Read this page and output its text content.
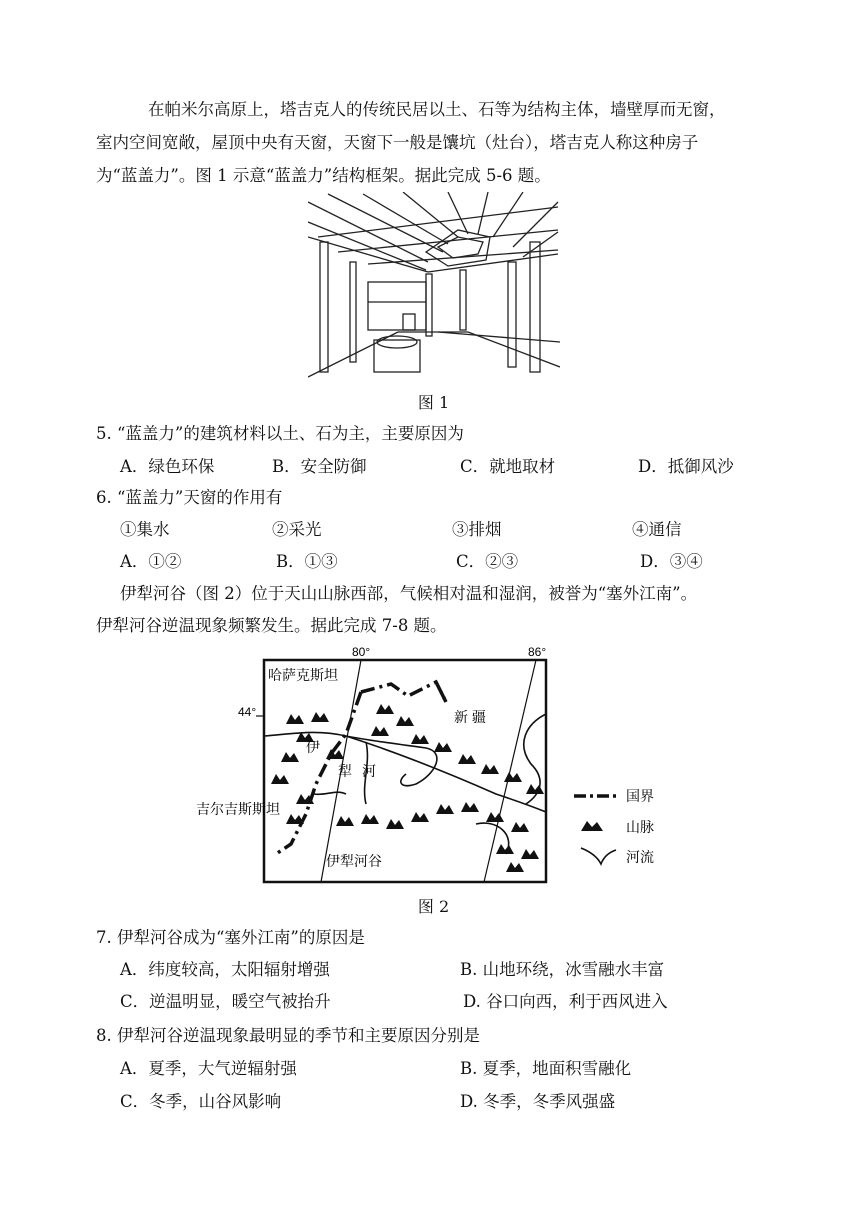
在帕米尔高原上，塔吉克人的传统民居以土、石等为结构主体，墙壁厚而无窗，
室内空间宽敞，屋顶中央有天窗，天窗下一般是馕坑（灶台），塔吉克人称这种房子
为“蓝盖力”。图 1 示意“蓝盖力”结构框架。据此完成 5-6 题。
图 1
5. “蓝盖力”的建筑材料以土、石为主，主要原因为
A．绿色环保	B．安全防御	C．就地取材	D．抵御风沙
6. “蓝盖力”天窗的作用有
①集水	②采光	③排烟	④通信
A．①②	B．①③	C．②③	D．③④
伊犁河谷（图 2）位于天山山脉西部，气候相对温和湿润，被誉为“塞外江南”。
伊犁河谷逆温现象频繁发生。据此完成 7-8 题。
44°
80°	86°
哈萨克斯坦
新 疆
吉尔吉斯斯坦
伊犁河谷
伊
犁 河
国界
山脉
河流
图 2
7. 伊犁河谷成为“塞外江南”的原因是
A．纬度较高，太阳辐射增强	B. 山地环绕，冰雪融水丰富
C．逆温明显，暖空气被抬升	D. 谷口向西，利于西风进入
8. 伊犁河谷逆温现象最明显的季节和主要原因分别是
A．夏季，大气逆辐射强	B. 夏季，地面积雪融化
C．冬季，山谷风影响	D. 冬季，冬季风强盛
